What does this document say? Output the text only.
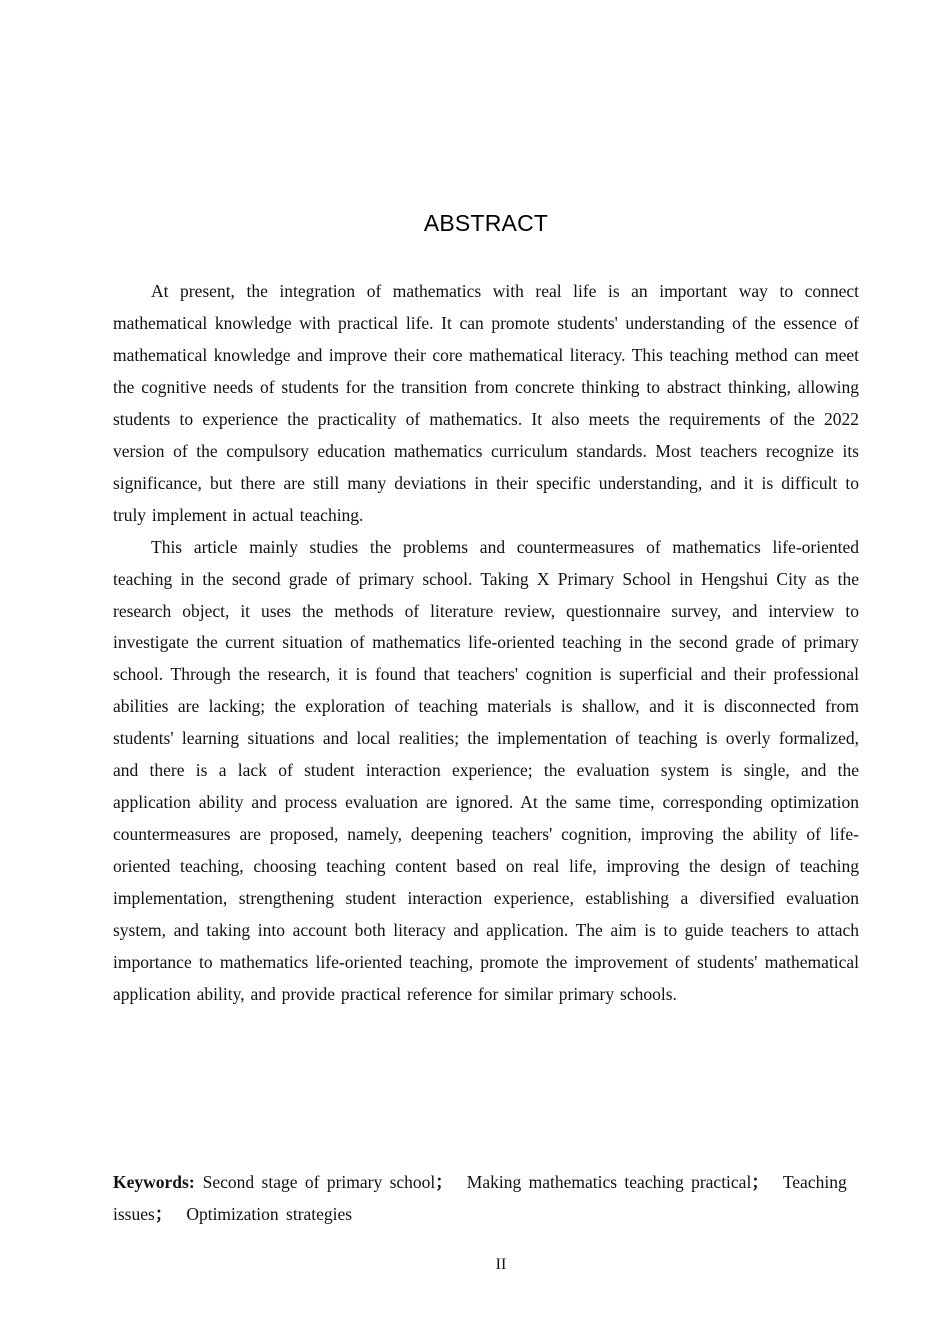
ABSTRACT

At present, the integration of mathematics with real life is an important way to connect mathematical knowledge with practical life. It can promote students' understanding of the essence of mathematical knowledge and improve their core mathematical literacy. This teaching method can meet the cognitive needs of students for the transition from concrete thinking to abstract thinking, allowing students to experience the practicality of mathematics. It also meets the requirements of the 2022 version of the compulsory education mathematics curriculum standards. Most teachers recognize its significance, but there are still many deviations in their specific understanding, and it is difficult to truly implement in actual teaching.

This article mainly studies the problems and countermeasures of mathematics life-oriented teaching in the second grade of primary school. Taking X Primary School in Hengshui City as the research object, it uses the methods of literature review, questionnaire survey, and interview to investigate the current situation of mathematics life-oriented teaching in the second grade of primary school. Through the research, it is found that teachers' cognition is superficial and their professional abilities are lacking; the exploration of teaching materials is shallow, and it is disconnected from students' learning situations and local realities; the implementation of teaching is overly formalized, and there is a lack of student interaction experience; the evaluation system is single, and the application ability and process evaluation are ignored. At the same time, corresponding optimization countermeasures are proposed, namely, deepening teachers' cognition, improving the ability of life-oriented teaching, choosing teaching content based on real life, improving the design of teaching implementation, strengthening student interaction experience, establishing a diversified evaluation system, and taking into account both literacy and application. The aim is to guide teachers to attach importance to mathematics life-oriented teaching, promote the improvement of students' mathematical application ability, and provide practical reference for similar primary schools.

Keywords: Second stage of primary school； Making mathematics teaching practical； Teaching issues； Optimization strategies
II
